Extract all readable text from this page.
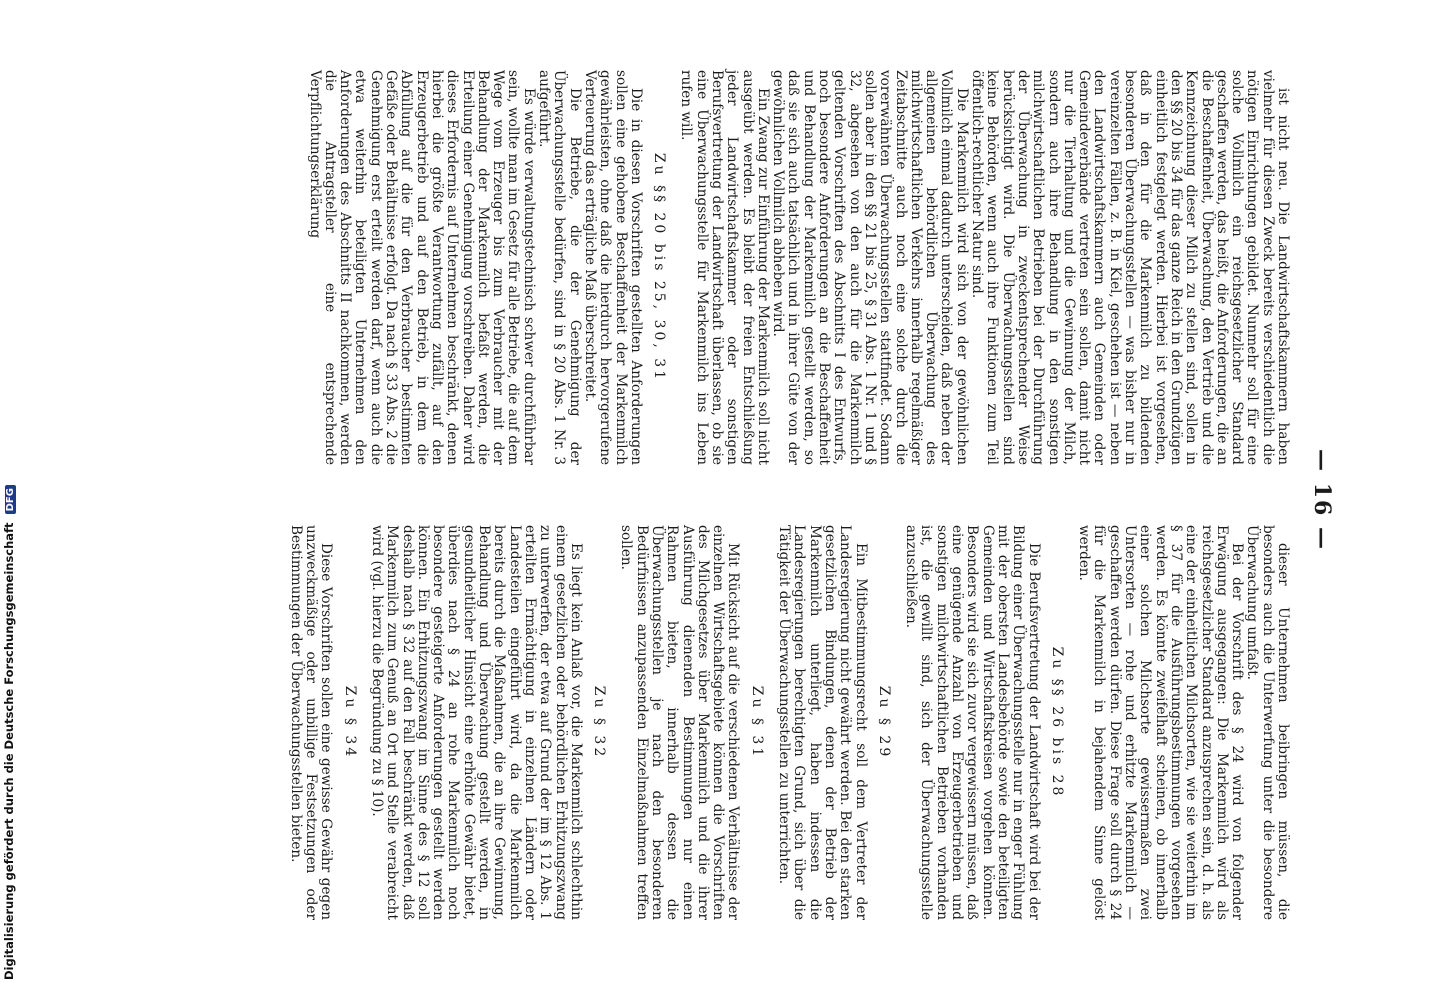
— 16 —

ist nicht neu. Die Landwirtschaftskammern haben vielmehr für diesen Zweck bereits verschiedentlich die nötigen Einrichtungen gebildet. Nunmehr soll für eine solche Vollmilch ein reichsgesetzlicher Standard geschaffen werden, das heißt, die Anforderungen, die an die Beschaffenheit, Überwachung, den Vertrieb und die Kennzeichnung dieser Milch zu stellen sind, sollen in den §§ 20 bis 34 für das ganze Reich in den Grundzügen einheitlich festgelegt werden. Hierbei ist vorgesehen, daß in den für die Markenmilch zu bildenden besonderen Überwachungsstellen — was bisher nur in vereinzelten Fällen, z. B. in Kiel, geschehen ist — neben den Landwirtschaftskammern auch Gemeinden oder Gemeindeverbände vertreten sein sollen, damit nicht nur die Tierhaltung und die Gewinnung der Milch, sondern auch ihre Behandlung in den sonstigen milchwirtschaftlichen Betrieben bei der Durchführung der Überwachung in zweckentsprechender Weise berücksichtigt wird. Die Überwachungsstellen sind keine Behörden, wenn auch ihre Funktionen zum Teil öffentlich-rechtlicher Natur sind.

Die Markenmilch wird sich von der gewöhnlichen Vollmilch einmal dadurch unterscheiden, daß neben der allgemeinen behördlichen Überwachung des milchwirtschaftlichen Verkehrs innerhalb regelmäßiger Zeitabschnitte auch noch eine solche durch die vorerwähnten Überwachungsstellen stattfindet. Sodann sollen aber in den §§ 21 bis 25, § 31 Abs. 1 Nr. 1 und § 32, abgesehen von den auch für die Markenmilch geltenden Vorschriften des Abschnitts I des Entwurfs, noch besondere Anforderungen an die Beschaffenheit und Behandlung der Markenmilch gestellt werden, so daß sie sich auch tatsächlich und in ihrer Güte von der gewöhnlichen Vollmilch abheben wird.

Ein Zwang zur Einführung der Markenmilch soll nicht ausgeübt werden. Es bleibt der freien Entschließung jeder Landwirtschaftskammer oder sonstigen Berufsvertretung der Landwirtschaft überlassen, ob sie eine Überwachungsstelle für Markenmilch ins Leben rufen will.

Zu §§ 20 bis 25, 30, 31

Die in diesen Vorschriften gestellten Anforderungen sollen eine gehobene Beschaffenheit der Markenmilch gewährleisten, ohne daß die hierdurch hervorgerufene Verteuerung das erträgliche Maß überschreitet.

Die Betriebe, die der Genehmigung der Überwachungsstelle bedürfen, sind in § 20 Abs. 1 Nr. 3 aufgeführt.

Es würde verwaltungstechnisch schwer durchführbar sein, wollte man im Gesetz für alle Betriebe, die auf dem Wege vom Erzeuger bis zum Verbraucher mit der Behandlung der Markenmilch befaßt werden, die Erteilung einer Genehmigung vorschreiben. Daher wird dieses Erfordernis auf Unternehmen beschränkt, denen hierbei die größte Verantwortung zufällt, auf den Erzeugerbetrieb und auf den Betrieb, in dem die Abfüllung auf die für den Verbraucher bestimmten Gefäße oder Behältnisse erfolgt. Da nach § 33 Abs. 2 die Genehmigung erst erteilt werden darf, wenn auch die etwa weiterhin beteiligten Unternehmen den Anforderungen des Abschnitts II nachkommen, werden die Antragsteller eine entsprechende Verpflichtungserklärung

dieser Unternehmen beibringen müssen, die besonders auch die Unterwerfung unter die besondere Überwachung umfaßt.

Bei der Vorschrift des § 24 wird von folgender Erwägung ausgegangen: Die Markenmilch wird als reichsgesetzlicher Standard anzusprechen sein, d. h. als eine der einheitlichen Milchsorten, wie sie weiterhin im § 37 für die Ausführungsbestimmungen vorgesehen werden. Es könnte zweifelhaft scheinen, ob innerhalb einer solchen Milchsorte gewissermaßen zwei Untersorten — rohe und erhitzte Markenmilch — geschaffen werden dürfen. Diese Frage soll durch § 24 für die Markenmilch in bejahendem Sinne gelöst werden.

Zu §§ 26 bis 28

Die Berufsvertretung der Landwirtschaft wird bei der Bildung einer Überwachungsstelle nur in enger Fühlung mit der obersten Landesbehörde sowie den beteiligten Gemeinden und Wirtschaftskreisen vorgehen können. Besonders wird sie sich zuvor vergewissern müssen, daß eine genügende Anzahl von Erzeugerbetrieben und sonstigen milchwirtschaftlichen Betrieben vorhanden ist, die gewillt sind, sich der Überwachungsstelle anzuschließen.

Zu § 29

Ein Mitbestimmungsrecht soll dem Vertreter der Landesregierung nicht gewährt werden. Bei den starken gesetzlichen Bindungen, denen der Betrieb der Markenmilch unterliegt, haben indessen die Landesregierungen berechtigten Grund, sich über die Tätigkeit der Überwachungsstellen zu unterrichten.

Zu § 31

Mit Rücksicht auf die verschiedenen Verhältnisse der einzelnen Wirtschaftsgebiete können die Vorschriften des Milchgesetzes über Markenmilch und die ihrer Ausführung dienenden Bestimmungen nur einen Rahmen bieten, innerhalb dessen die Überwachungsstellen je nach den besonderen Bedürfnissen anzupassenden Einzelmaßnahmen treffen sollen.

Zu § 32

Es liegt kein Anlaß vor, die Markenmilch schlechthin einem gesetzlichen oder behördlichen Erhitzungszwang zu unterwerfen, der etwa auf Grund der im § 12 Abs. 1 erteilten Ermächtigung in einzelnen Ländern oder Landesteilen eingeführt wird, da die Markenmilch bereits durch die Maßnahmen, die an ihre Gewinnung, Behandlung und Überwachung gestellt werden, in gesundheitlicher Hinsicht eine erhöhte Gewähr bietet, überdies nach § 24 an rohe Markenmilch noch besondere gesteigerte Anforderungen gestellt werden können. Ein Erhitzungszwang im Sinne des § 12 soll deshalb nach § 32 auf den Fall beschränkt werden, daß Markenmilch zum Genuß an Ort und Stelle verabreicht wird (vgl. hierzu die Begründung zu § 10).

Zu § 34

Diese Vorschriften sollen eine gewisse Gewähr gegen unzweckmäßige oder unbillige Festsetzungen oder Bestimmungen der Überwachungsstellen bieten.

Digitalisierung gefördert durch die Deutsche Forschungsgemeinschaft DFG
